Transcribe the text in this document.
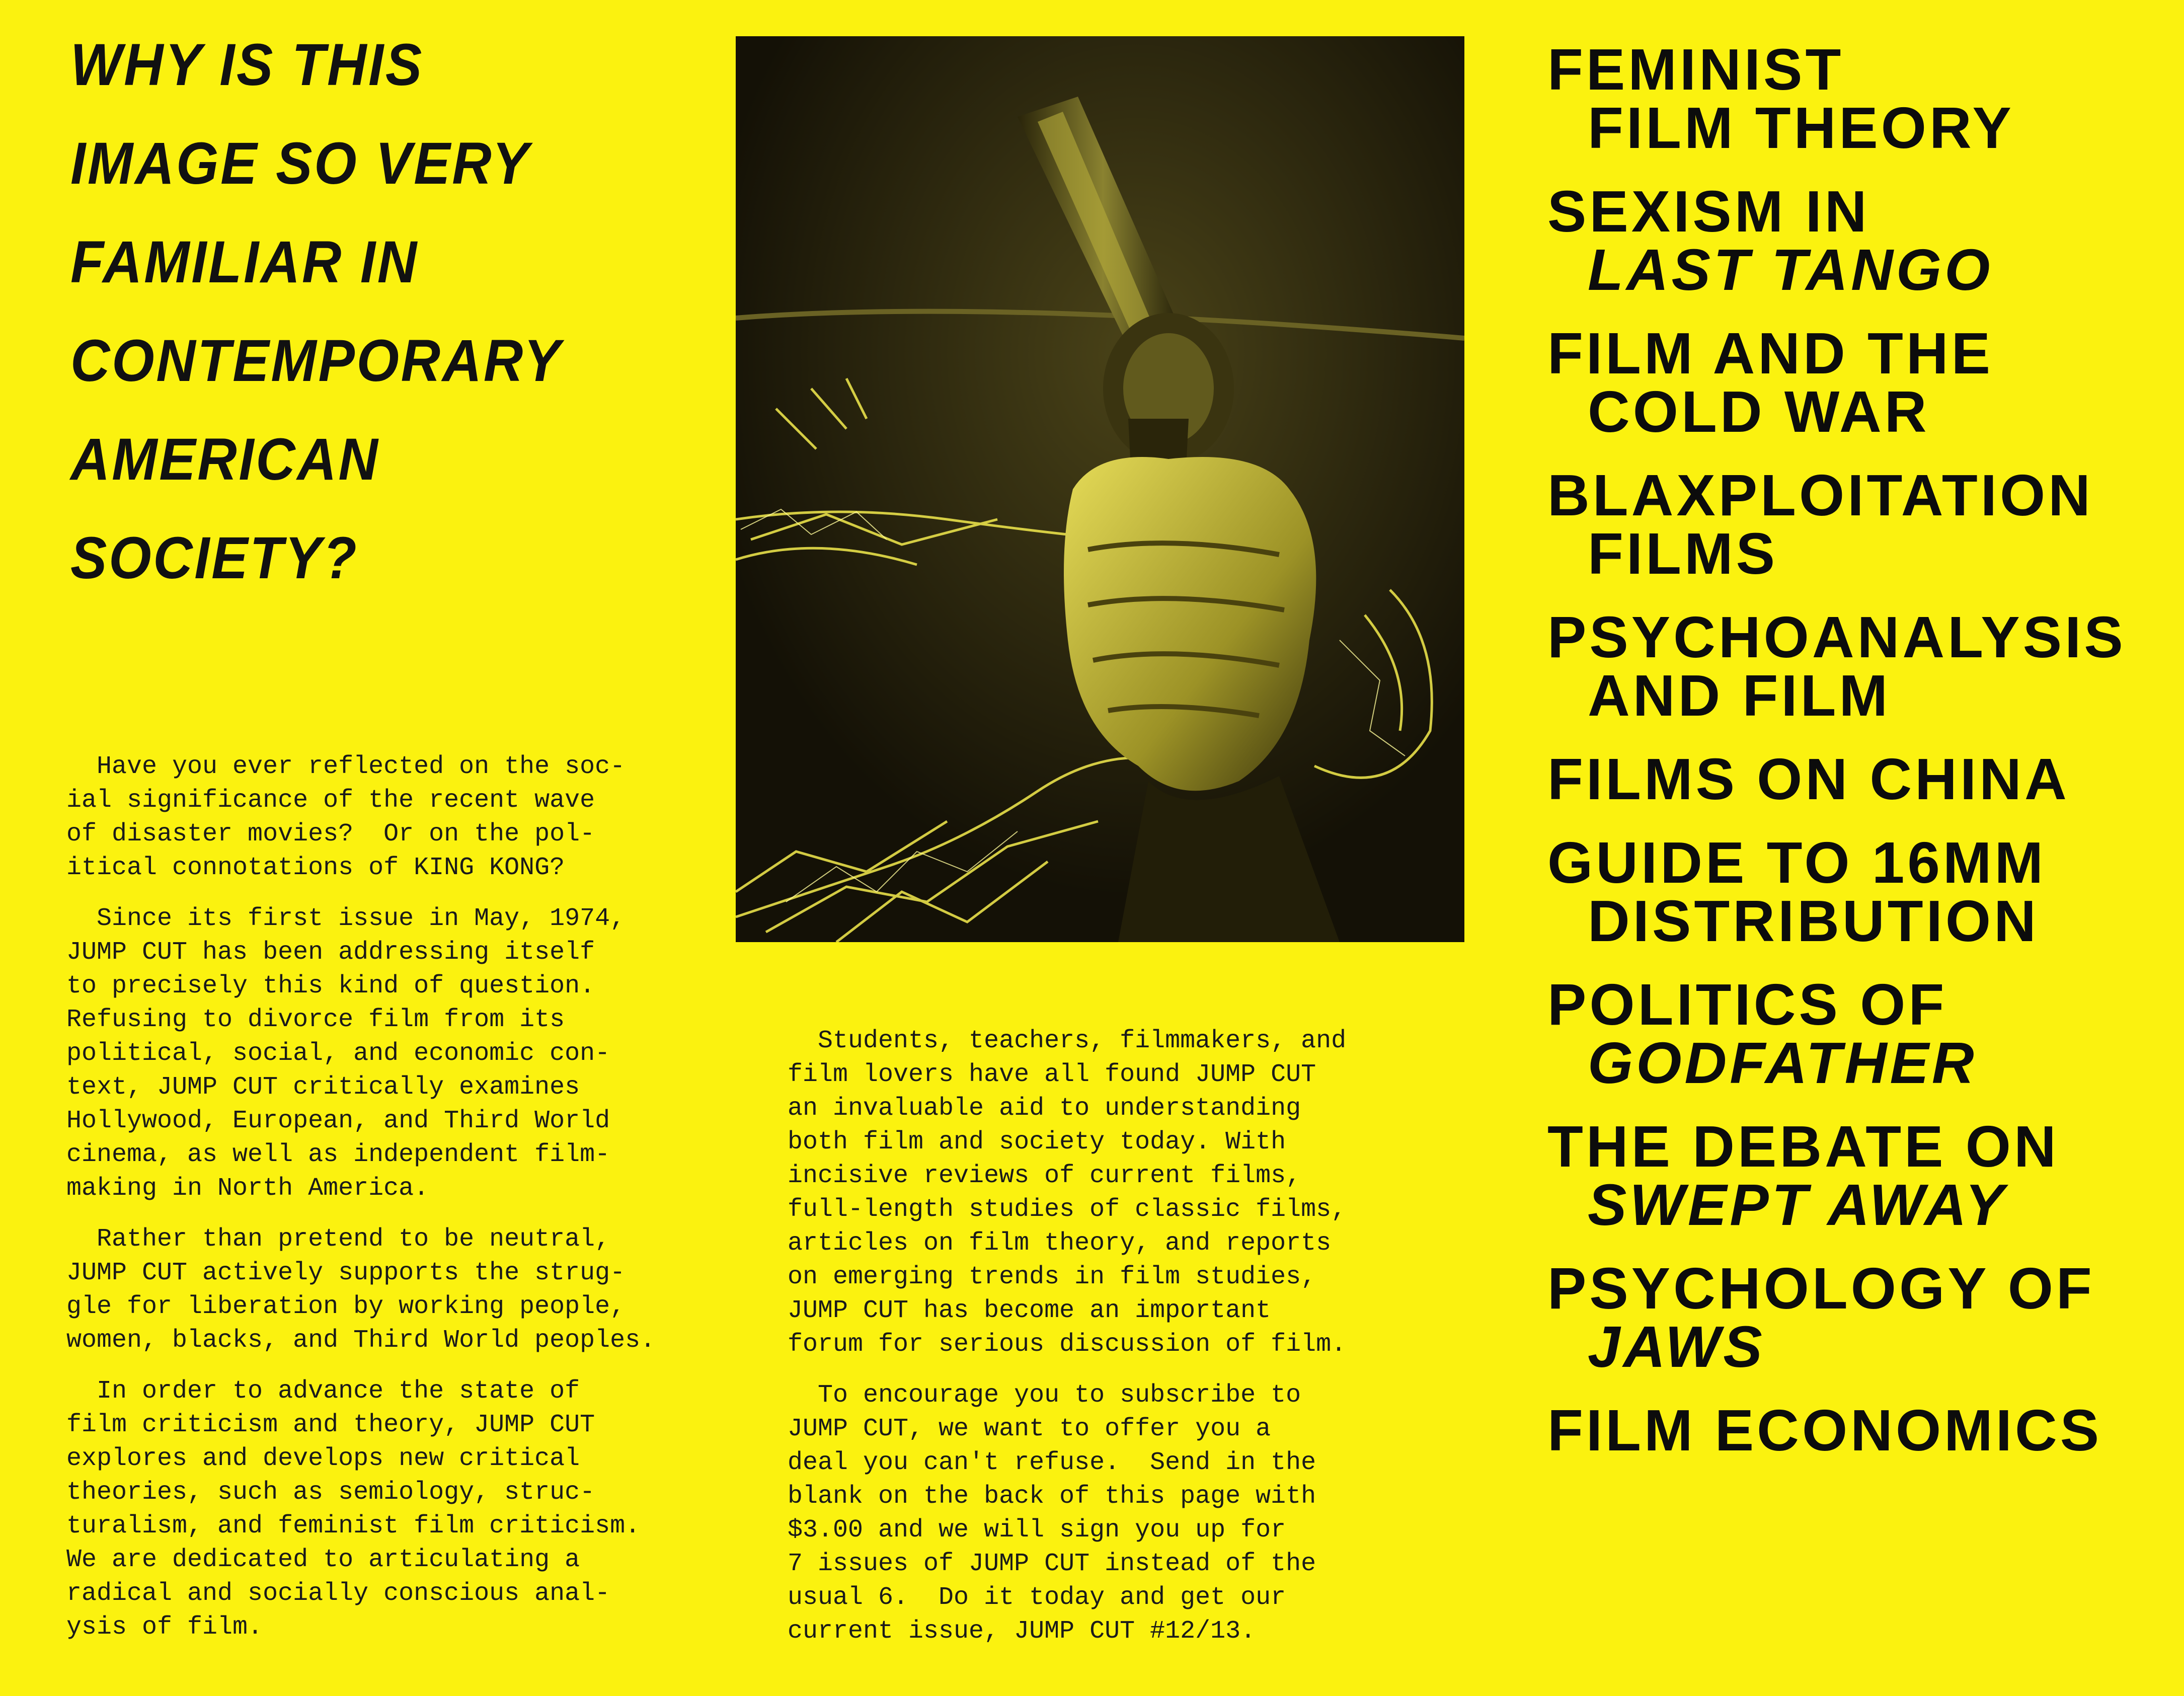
WHY IS THIS
IMAGE SO VERY
FAMILIAR IN
CONTEMPORARY
AMERICAN
SOCIETY?

Have you ever reflected on the soc-
ial significance of the recent wave
of disaster movies?  Or on the pol-
itical connotations of KING KONG?

Since its first issue in May, 1974,
JUMP CUT has been addressing itself
to precisely this kind of question.
Refusing to divorce film from its
political, social, and economic con-
text, JUMP CUT critically examines
Hollywood, European, and Third World
cinema, as well as independent film-
making in North America.

Rather than pretend to be neutral,
JUMP CUT actively supports the strug-
gle for liberation by working people,
women, blacks, and Third World peoples.

In order to advance the state of
film criticism and theory, JUMP CUT
explores and develops new critical
theories, such as semiology, struc-
turalism, and feminist film criticism.
We are dedicated to articulating a
radical and socially conscious anal-
ysis of film.

Students, teachers, filmmakers, and
film lovers have all found JUMP CUT
an invaluable aid to understanding
both film and society today. With
incisive reviews of current films,
full-length studies of classic films,
articles on film theory, and reports
on emerging trends in film studies,
JUMP CUT has become an important
forum for serious discussion of film.

To encourage you to subscribe to
JUMP CUT, we want to offer you a
deal you can't refuse.  Send in the
blank on the back of this page with
$3.00 and we will sign you up for
7 issues of JUMP CUT instead of the
usual 6.  Do it today and get our
current issue, JUMP CUT #12/13.

FEMINIST
FILM THEORY
SEXISM IN
LAST TANGO
FILM AND THE
COLD WAR
BLAXPLOITATION
FILMS
PSYCHOANALYSIS
AND FILM
FILMS ON CHINA
GUIDE TO 16MM
DISTRIBUTION
POLITICS OF
GODFATHER
THE DEBATE ON
SWEPT AWAY
PSYCHOLOGY OF
JAWS
FILM ECONOMICS
